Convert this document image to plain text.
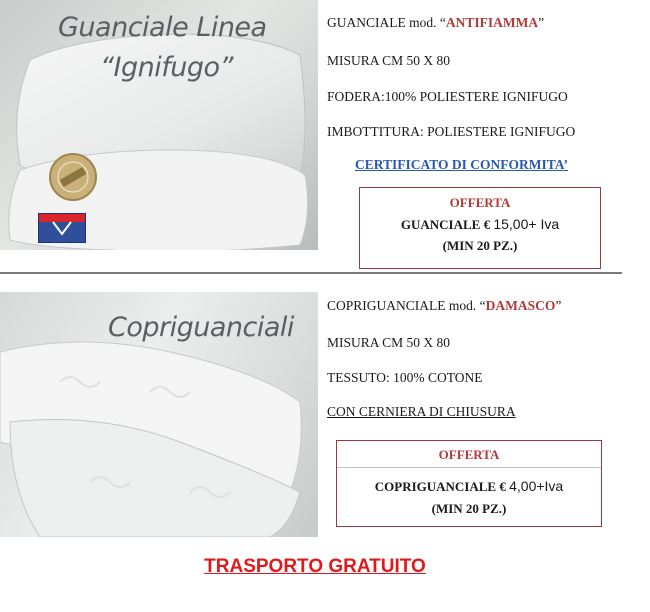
Guanciale Linea
“Ignifugo”
GUANCIALE mod. “ANTIFIAMMA”
MISURA CM 50 X 80
FODERA:100% POLIESTERE IGNIFUGO
IMBOTTITURA: POLIESTERE IGNIFUGO
CERTIFICATO DI CONFORMITA’
OFFERTA
GUANCIALE € 15,00+ Iva
(MIN 20 PZ.)
Copriguanciali
COPRIGUANCIALE mod. “DAMASCO”
MISURA CM 50 X 80
TESSUTO: 100% COTONE
CON CERNIERA DI CHIUSURA
OFFERTA
COPRIGUANCIALE € 4,00+Iva
(MIN 20 PZ.)
TRASPORTO GRATUITO
